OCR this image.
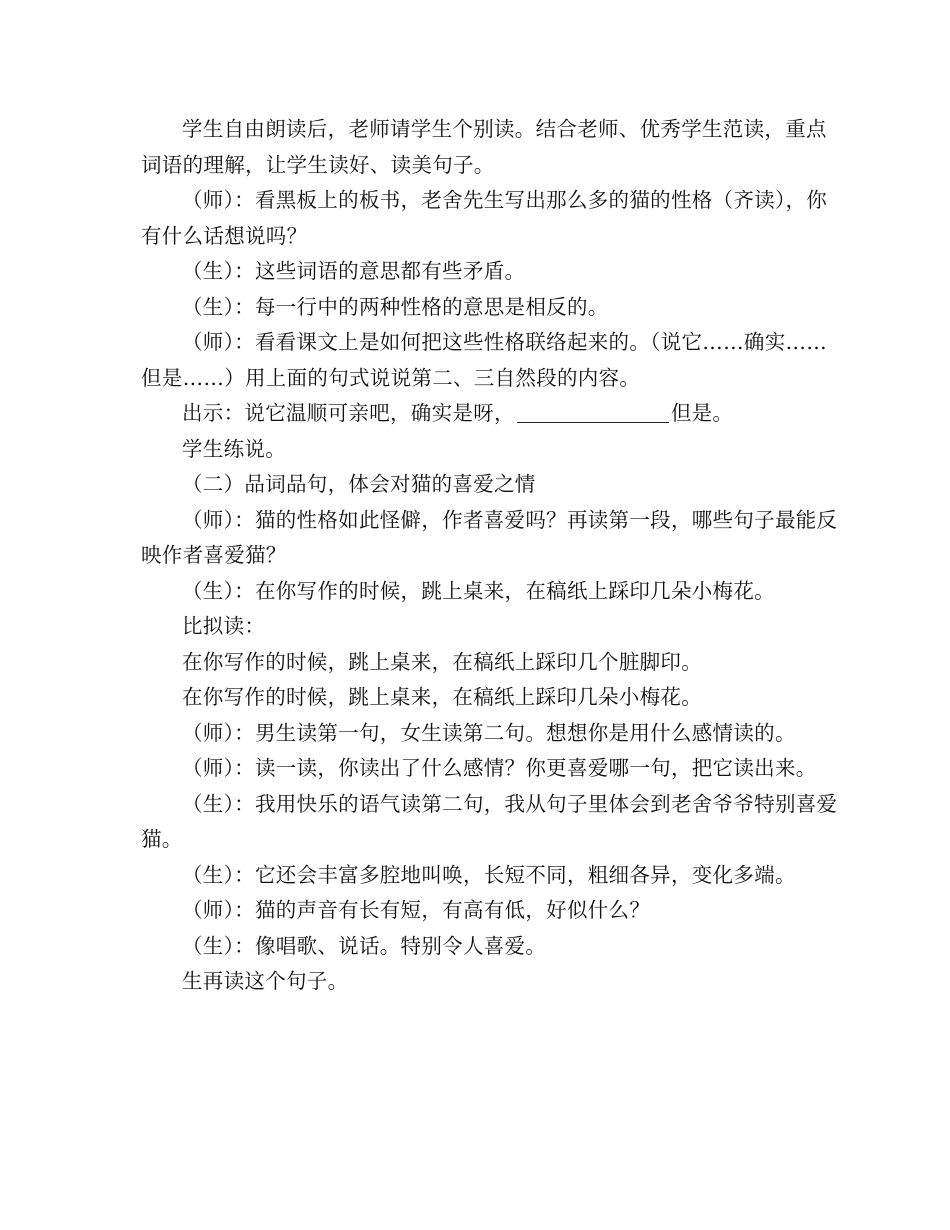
学生自由朗读后，老师请学生个别读。结合老师、优秀学生范读，重点词语的理解，让学生读好、读美句子。

（师）：看黑板上的板书，老舍先生写出那么多的猫的性格（齐读），你有什么话想说吗？

（生）：这些词语的意思都有些矛盾。

（生）：每一行中的两种性格的意思是相反的。

（师）：看看课文上是如何把这些性格联络起来的。（说它……确实……但是……）用上面的句式说说第二、三自然段的内容。

出示：说它温顺可亲吧，确实是呀，	但是。

学生练说。

（二）品词品句，体会对猫的喜爱之情

（师）：猫的性格如此怪僻，作者喜爱吗？再读第一段，哪些句子最能反映作者喜爱猫？

（生）：在你写作的时候，跳上桌来，在稿纸上踩印几朵小梅花。

比拟读：

在你写作的时候，跳上桌来，在稿纸上踩印几个脏脚印。

在你写作的时候，跳上桌来，在稿纸上踩印几朵小梅花。

（师）：男生读第一句，女生读第二句。想想你是用什么感情读的。

（师）：读一读，你读出了什么感情？你更喜爱哪一句，把它读出来。

（生）：我用快乐的语气读第二句，我从句子里体会到老舍爷爷特别喜爱猫。

（生）：它还会丰富多腔地叫唤，长短不同，粗细各异，变化多端。

（师）：猫的声音有长有短，有高有低，好似什么？

（生）：像唱歌、说话。特别令人喜爱。

生再读这个句子。
